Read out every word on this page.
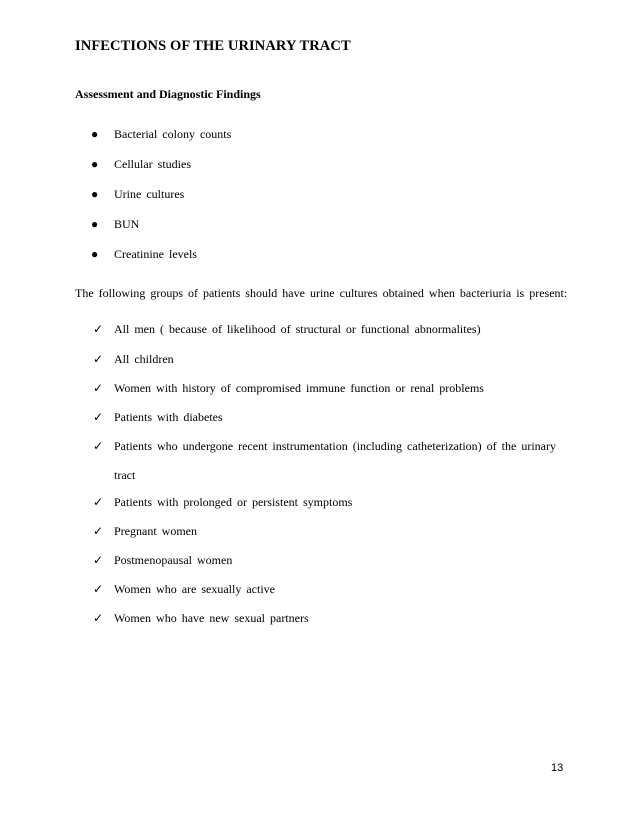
INFECTIONS OF THE URINARY TRACT
Assessment and Diagnostic Findings
● Bacterial colony counts
● Cellular studies
● Urine cultures
● BUN
● Creatinine levels
The following groups of patients should have urine cultures obtained when bacteriuria is present:
✓ All men ( because of likelihood of structural or functional abnormalites)
✓ All children
✓ Women with history of compromised immune function or renal problems
✓ Patients with diabetes
✓ Patients who undergone recent instrumentation (including catheterization) of the urinary
tract
✓ Patients with prolonged or persistent symptoms
✓ Pregnant women
✓ Postmenopausal women
✓ Women who are sexually active
✓ Women who have new sexual partners
13
